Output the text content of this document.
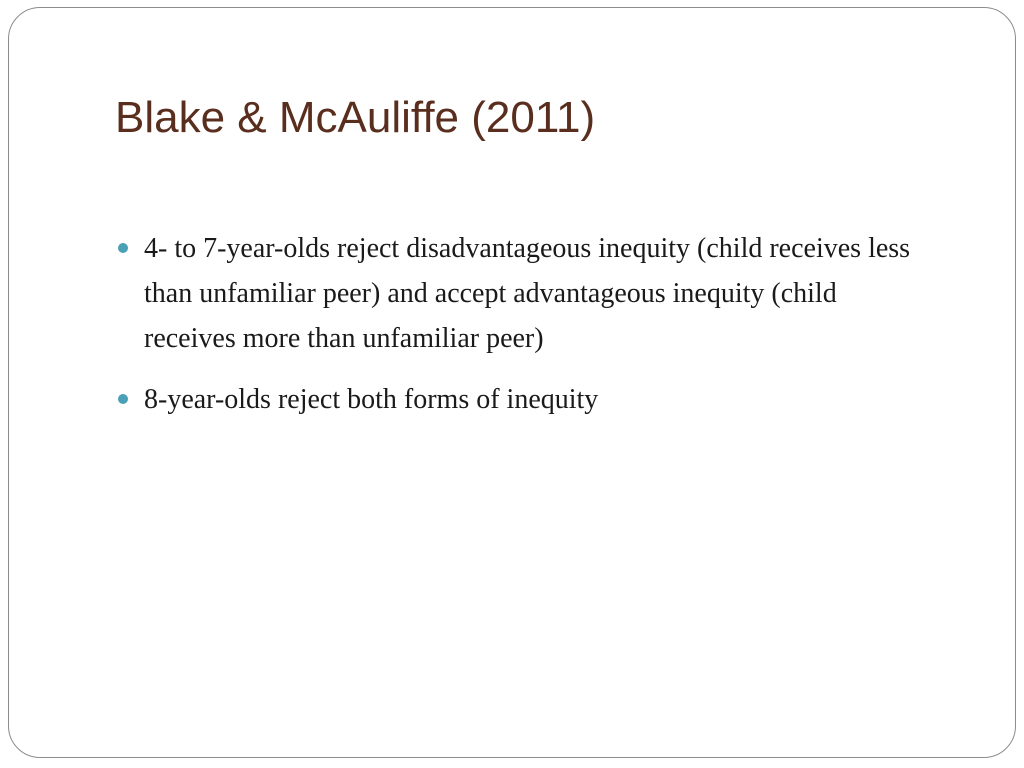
Blake & McAuliffe (2011)
4- to 7-year-olds reject disadvantageous inequity (child receives less than unfamiliar peer) and accept advantageous inequity (child receives more than unfamiliar peer)
8-year-olds reject both forms of inequity
